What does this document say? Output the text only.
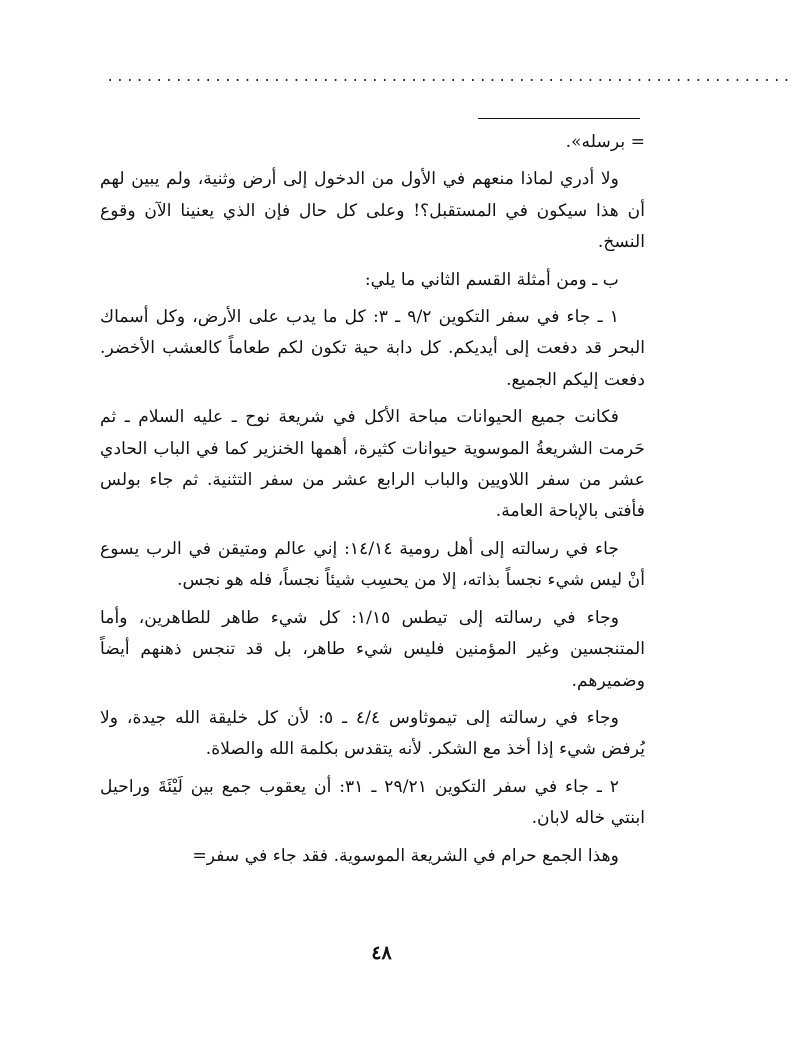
......................................................................

= برسله».

ولا أدري لماذا منعهم في الأول من الدخول إلى أرض وثنية، ولم يبين لهم أن هذا سيكون في المستقبل؟! وعلى كل حال فإن الذي يعنينا الآن وقوع النسخ.

ب ـ ومن أمثلة القسم الثاني ما يلي:

١ ـ جاء في سفر التكوين ٩/٢ ـ ٣: كل ما يدب على الأرض، وكل أسماك البحر قد دفعت إلى أيديكم. كل دابة حية تكون لكم طعاماً كالعشب الأخضر. دفعت إليكم الجميع.

فكانت جميع الحيوانات مباحة الأكل في شريعة نوح ـ عليه السلام ـ ثم حَرمت الشريعةُ الموسوية حيوانات كثيرة، أهمها الخنزير كما في الباب الحادي عشر من سفر اللاويين والباب الرابع عشر من سفر التثنية. ثم جاء بولس فأفتى بالإباحة العامة.

جاء في رسالته إلى أهل رومية ١٤/١٤: إني عالم ومتيقن في الرب يسوع أنْ ليس شيء نجساً بذاته، إلا من يحسِب شيئاً نجساً، فله هو نجس.

وجاء في رسالته إلى تيطس ١/١٥: كل شيء طاهر للطاهرين، وأما المتنجسين وغير المؤمنين فليس شيء طاهر، بل قد تنجس ذهنهم أيضاً وضميرهم.

وجاء في رسالته إلى تيموثاوس ٤/٤ ـ ٥: لأن كل خليقة الله جيدة، ولا يُرفض شيء إذا أخذ مع الشكر. لأنه يتقدس بكلمة الله والصلاة.

٢ ـ جاء في سفر التكوين ٢٩/٢١ ـ ٣١: أن يعقوب جمع بين لَيْئَةَ وراحيل ابنتي خاله لابان.

وهذا الجمع حرام في الشريعة الموسوية. فقد جاء في سفر=

٤٨
